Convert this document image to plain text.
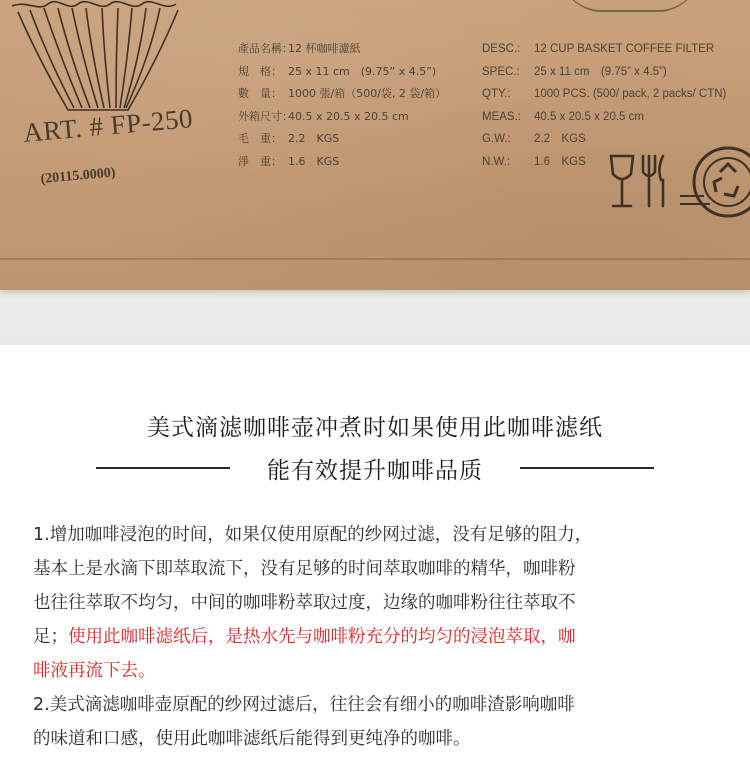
ART. # FP-250
(20115.0000)
產品名稱：12 杯咖啡濾紙
規　格： 25 x 11 cm　(9.75” x 4.5”)
數　量： 1000 張/箱（500/袋, 2 袋/箱）
外箱尺寸：40.5 x 20.5 x 20.5 cm
毛　重： 2.2　KGS
淨　重： 1.6　KGS
DESC.: 12 CUP BASKET COFFEE FILTER
SPEC.: 25 x 11 cm　(9.75” x 4.5”)
QTY.: 1000 PCS. (500/ pack, 2 packs/ CTN)
MEAS.: 40.5 x 20.5 x 20.5 cm
G.W.: 2.2　KGS
N.W.: 1.6　KGS
美式滴滤咖啡壶冲煮时如果使用此咖啡滤纸
能有效提升咖啡品质
1.增加咖啡浸泡的时间，如果仅使用原配的纱网过滤，没有足够的阻力，
基本上是水滴下即萃取流下，没有足够的时间萃取咖啡的精华，咖啡粉
也往往萃取不均匀，中间的咖啡粉萃取过度，边缘的咖啡粉往往萃取不
足；使用此咖啡滤纸后，是热水先与咖啡粉充分的均匀的浸泡萃取，咖
啡液再流下去。
2.美式滴滤咖啡壶原配的纱网过滤后，往往会有细小的咖啡渣影响咖啡
的味道和口感，使用此咖啡滤纸后能得到更纯净的咖啡。
